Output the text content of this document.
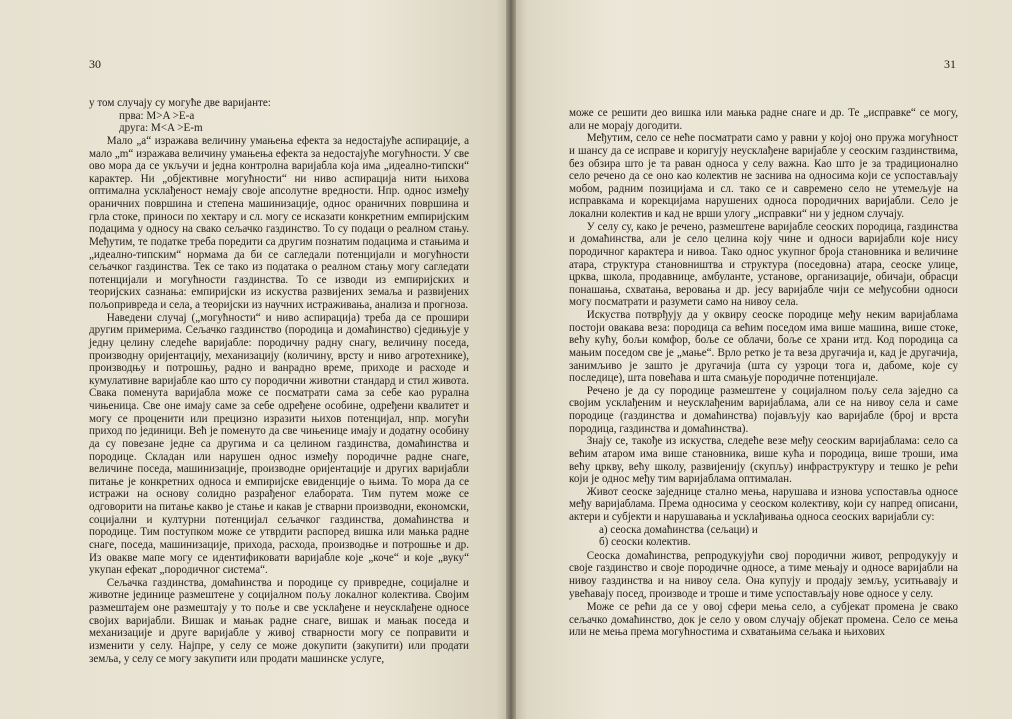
30

у том случају су могуће две варијанте:

прва: M>A >E-a

друга: M<A >E-m

Мало „а“ изражава величину умањења ефекта за недостајуће аспирације, а мало „m“ изражава величину умањења ефекта за недостајуће могућности. У све ово мора да се укључи и једна контролна варијабла која има „идеално-типски“ карактер. Ни „објективне могућности“ ни ниво аспирација нити њихова оптимална усклађеност немају своје апсолутне вредности. Нпр. однос између ораничних површина и степена машинизације, однос ораничних површина и грла стоке, приноси по хектару и сл. могу се исказати конкретним емпиријским подацима у односу на свако сељачко газдинство. То су подаци о реалном стању. Међутим, те податке треба поредити са другим познатим подацима и стањима и „идеално-типским“ нормама да би се сагледали потенцијали и могућности сељачког газдинства. Тек се тако из података о реалном стању могу сагледати потенцијали и могућности газдинства. То се изводи из емпиријских и теоријских сазнања: емпиријски из искуства развијених земаља и развијених пољопривреда и села, а теоријски из научних истраживања, анализа и прогноза.

Наведени случај („могућности“ и ниво аспирација) треба да се прошири другим примерима. Сељачко газдинство (породица и домаћинство) сједињује у једну целину следеће варијабле: породичну радну снагу, величину поседа, производну оријентацију, механизацију (количину, врсту и ниво агротехнике), производњу и потрошњу, радно и ванрадно време, приходе и расходе и кумулативне варијабле као што су породични животни стандард и стил живота. Свака поменута варијабла може се посматрати сама за себе као рурална чињеница. Све оне имају саме за себе одређене особине, одређени квалитет и могу се проценити или прецизно изразити њихов потенцијал, нпр. могући приход по јединици. Већ је поменуто да све чињенице имају и додатну особину да су повезане једне са другима и са целином газдинства, домаћинства и породице. Складан или нарушен однос између породичне радне снаге, величине поседа, машинизације, производне оријентације и других варијабли питање је конкретних односа и емпиријске евиденције о њима. То мора да се истражи на основу солидно разрађеног елабората. Тим путем може се одговорити на питање какво је стање и какав је стварни производни, економски, социјални и културни потенцијал сељачког газдинства, домаћинства и породице. Тим поступком може се утврдити распоред вишка или мањка радне снаге, поседа, машинизације, прихода, расхода, производње и потрошње и др. Из овакве мапе могу се идентификовати варијабле које „коче“ и које „вуку“ укупан ефекат „породичног система“.

Сељачка газдинства, домаћинства и породице су привредне, социјалне и животне јединице размештене у социјалном пољу локалног колектива. Својим размештајем оне размештају у то поље и све усклађене и неусклађене односе својих варијабли. Вишак и мањак радне снаге, вишак и мањак поседа и механизације и друге варијабле у живој стварности могу се поправити и изменити у селу. Најпре, у селу се може докупити (закупити) или продати земља, у селу се могу закупити или продати машинске услуге,

31

може се решити део вишка или мањка радне снаге и др. Те „исправке“ се могу, али не морају догодити.

Међутим, село се неће посматрати само у равни у којој оно пружа могућност и шансу да се исправе и коригују неусклађене варијабле у сеоским газдинствима, без обзира што је та раван односа у селу важна. Као што је за традиционално село речено да се оно као колектив не заснива на односима који се успостављају мобом, радним позицијама и сл. тако се и савремено село не утемељује на исправкама и корекцијама нарушених односа породичних варијабли. Село је локални колектив и кад не врши улогу „исправки“ ни у једном случају.

У селу су, како је речено, размештене варијабле сеоских породица, газдинства и домаћинства, али је село целина коју чине и односи варијабли које нису породичног карактера и нивоа. Тако однос укупног броја становника и величине атара, структура становништва и структура (поседовна) атара, сеоске улице, црква, школа, продавнице, амбуланте, установе, организације, обичаји, обрасци понашања, схватања, веровања и др. јесу варијабле чији се међусобни односи могу посматрати и разумети само на нивоу села.

Искуства потврђују да у оквиру сеоске породице међу неким варијаблама постоји овакава веза: породица са већим поседом има више машина, више стоке, већу кућу, бољи комфор, боље се облачи, боље се храни итд. Код породица са мањим поседом све је „мање“. Врло ретко је та веза другачија и, кад је другачија, занимљиво је зашто је другачија (шта су узроци тога и, дабоме, које су последице), шта повећава и шта смањује породичне потенцијале.

Речено је да су породице размештене у социјалном пољу села заједно са својим усклађеним и неусклађеним варијаблама, али се на нивоу села и саме породице (газдинства и домаћинства) појављују као варијабле (број и врста породица, газдинства и домаћинства).

Знају се, такође из искуства, следеће везе међу сеоским варијаблама: село са већим атаром има више становника, више кућа и породица, више троши, има већу цркву, већу школу, развијенију (скупљу) инфраструктуру и тешко је рећи који је однос међу тим варијаблама оптималан.

Живот сеоске заједнице стално мења, нарушава и изнова успоставља односе међу варијаблама. Према односима у сеоском колективу, који су напред описани, актери и субјекти и нарушавања и усклађивања односа сеоских варијабли су:

а) сеоска домаћинства (сељаци) и

б) сеоски колектив.

Сеоска домаћинства, репродукујући свој породични живот, репродукују и своје газдинство и своје породичне односе, а тиме мењају и односе варијабли на нивоу газдинства и на нивоу села. Она купују и продају земљу, уситњавају и увећавају посед, производе и троше и тиме успостављају нове односе у селу.

Може се рећи да се у овој сфери мења село, а субјекат промена је свако сељачко домаћинство, док је село у овом случају објекат промена. Село се мења или не мења према могућностима и схватањима сељака и њихових
